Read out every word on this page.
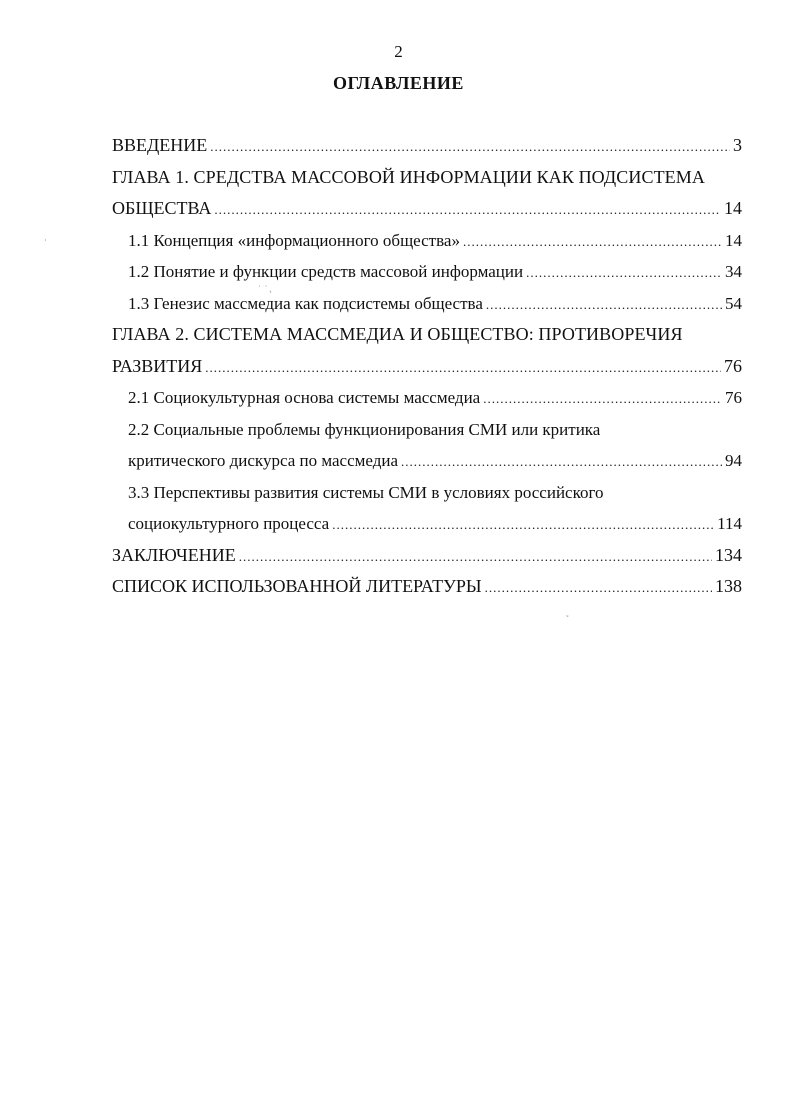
2
ОГЛАВЛЕНИЕ
ВВЕДЕНИЕ .....	3
ГЛАВА 1. СРЕДСТВА МАССОВОЙ ИНФОРМАЦИИ КАК ПОДСИСТЕМА
ОБЩЕСТВА .....	14
1.1 Концепция «информационного общества» .....	14
1.2 Понятие и функции средств массовой информации .....	34
1.3 Генезис массмедиа как подсистемы общества .....	54
ГЛАВА 2. СИСТЕМА МАССМЕДИА И ОБЩЕСТВО: ПРОТИВОРЕЧИЯ
РАЗВИТИЯ .....	76
2.1 Социокультурная основа системы массмедиа .....	76
2.2 Социальные проблемы функционирования СМИ или критика
критического дискурса по массмедиа .....	94
3.3 Перспективы развития системы СМИ в условиях российского
социокультурного процесса .....	114
ЗАКЛЮЧЕНИЕ .....	134
СПИСОК ИСПОЛЬЗОВАННОЙ ЛИТЕРАТУРЫ .....	138
·
˙  ˙ ˛
˜
